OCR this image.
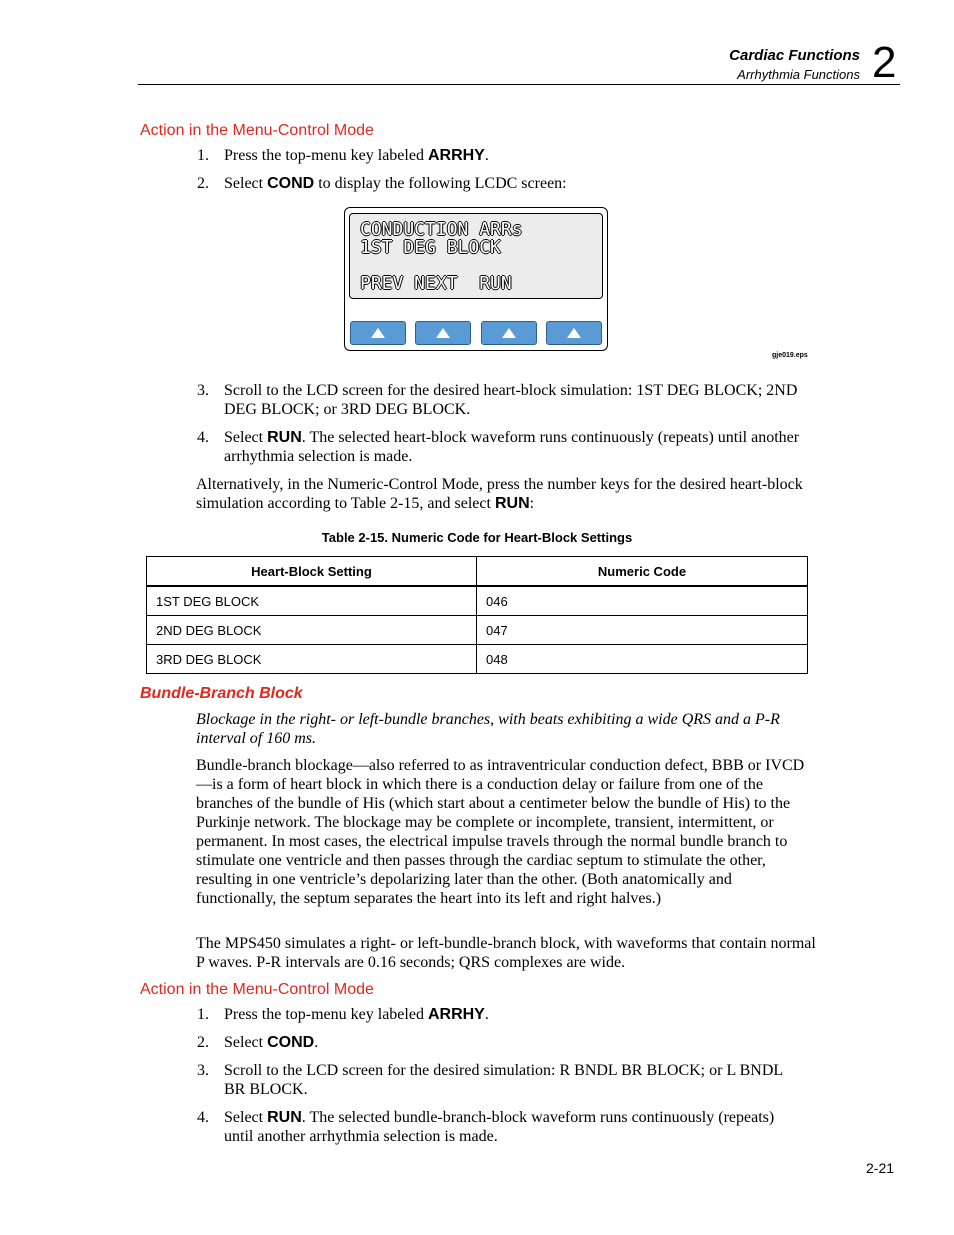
Cardiac Functions
Arrhythmia Functions 2
Action in the Menu-Control Mode
1. Press the top-menu key labeled ARRHY.
2. Select COND to display the following LCDC screen:
CONDUCTION ARRs
1ST DEG BLOCK
PREV NEXT  RUN
gje019.eps
3. Scroll to the LCD screen for the desired heart-block simulation: 1ST DEG BLOCK; 2ND DEG BLOCK; or 3RD DEG BLOCK.
4. Select RUN. The selected heart-block waveform runs continuously (repeats) until another arrhythmia selection is made.
Alternatively, in the Numeric-Control Mode, press the number keys for the desired heart-block simulation according to Table 2-15, and select RUN:
Table 2-15. Numeric Code for Heart-Block Settings
Heart-Block Setting	Numeric Code
1ST DEG BLOCK	046
2ND DEG BLOCK	047
3RD DEG BLOCK	048
Bundle-Branch Block
Blockage in the right- or left-bundle branches, with beats exhibiting a wide QRS and a P-R interval of 160 ms.
Bundle-branch blockage—also referred to as intraventricular conduction defect, BBB or IVCD—is a form of heart block in which there is a conduction delay or failure from one of the branches of the bundle of His (which start about a centimeter below the bundle of His) to the Purkinje network. The blockage may be complete or incomplete, transient, intermittent, or permanent. In most cases, the electrical impulse travels through the normal bundle branch to stimulate one ventricle and then passes through the cardiac septum to stimulate the other, resulting in one ventricle’s depolarizing later than the other. (Both anatomically and functionally, the septum separates the heart into its left and right halves.)
The MPS450 simulates a right- or left-bundle-branch block, with waveforms that contain normal P waves. P-R intervals are 0.16 seconds; QRS complexes are wide.
Action in the Menu-Control Mode
1. Press the top-menu key labeled ARRHY.
2. Select COND.
3. Scroll to the LCD screen for the desired simulation: R BNDL BR BLOCK; or L BNDL BR BLOCK.
4. Select RUN. The selected bundle-branch-block waveform runs continuously (repeats) until another arrhythmia selection is made.
2-21
